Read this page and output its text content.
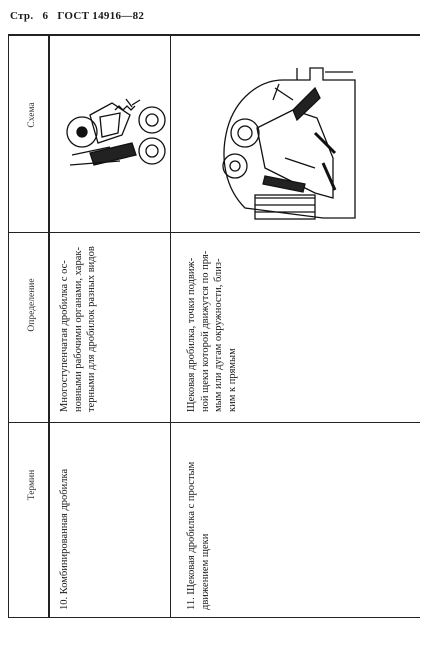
Стр. 6 ГОСТ 14916—82
Термин
Определение
Схема
10. Комбинированная дробилка
Многоступенчатая дробилка с ос- новными рабочими органами, харак- терными для дробилок разных видов
11. Щековая дробилка с простым движением щеки
Щековая дробилка, точки подвиж- ной щеки которой движутся по пря- мым или дугам окружности, близ- ким к прямым
